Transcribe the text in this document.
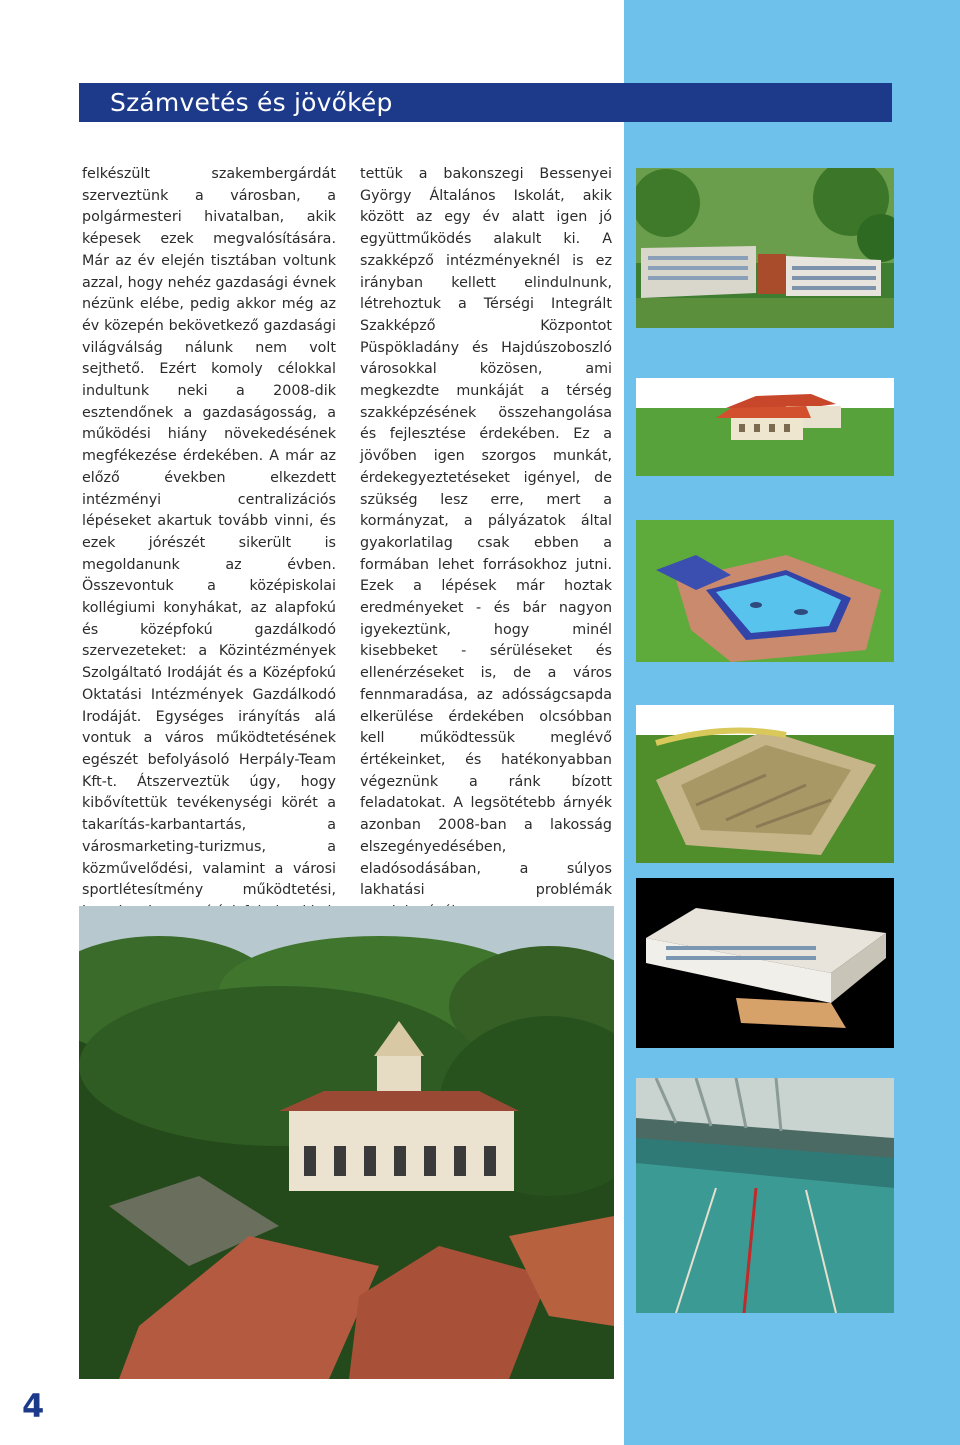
Számvetés és jövőkép

felkészült szakembergárdát szerveztünk a városban, a polgármesteri hivatalban, akik képesek ezek megvalósítására. Már az év elején tisztában voltunk azzal, hogy nehéz gazdasági évnek nézünk elébe, pedig akkor még az év közepén bekövetkező gazdasági világválság nálunk nem volt sejthető. Ezért komoly célokkal indultunk neki a 2008-dik esztendőnek a gazdaságosság, a működési hiány növekedésének megfékezése érdekében. A már az előző években elkezdett intézményi centralizációs lépéseket akartuk tovább vinni, és ezek jórészét sikerült is megoldanunk az évben. Összevontuk a középiskolai kollégiumi konyhákat, az alapfokú és középfokú gazdálkodó szervezeteket: a Közintézmények Szolgáltató Irodáját és a Középfokú Oktatási Intézmények Gazdálkodó Irodáját. Egységes irányítás alá vontuk a város működtetésének egészét befolyásoló Herpály-Team Kft-t. Átszerveztük úgy, hogy kibővítettük tevékenységi körét a takarítás-karbantartás, a városmarketing-turizmus, a közművelődési, valamint a városi sportlétesítmény működtetési,

tettük a bakonszegi Bessenyei György Általános Iskolát, akik között az egy év alatt igen jó együttműködés alakult ki. A szakképző intézményeknél is ez irányban kellett elindulnunk, létrehoztuk a Térségi Integrált Szakképző Központot Püspökladány és Hajdúszoboszló városokkal közösen, ami megkezdte munkáját a térség szakképzésének összehangolása és fejlesztése érdekében. Ez a jövőben igen szorgos munkát, érdekegyeztetéseket igényel, de szükség lesz erre, mert a kormányzat, a pályázatok által gyakorlatilag csak ebben a formában lehet forrásokhoz jutni. Ezek a lépések már hoztak eredményeket - és bár nagyon igyekeztünk, hogy minél kisebbeket - sérüléseket és ellenérzéseket is, de a város fennmaradása, az adósságcsapda elkerülése érdekében olcsóbban kell működtessük meglévő értékeinket, és hatékonyabban végeznünk a ránk bízott feladatokat. A legsötétebb árnyék azonban 2008-ban a lakosság elszegényedésében, eladósodásában, a súlyos lakhatási problémák

4
